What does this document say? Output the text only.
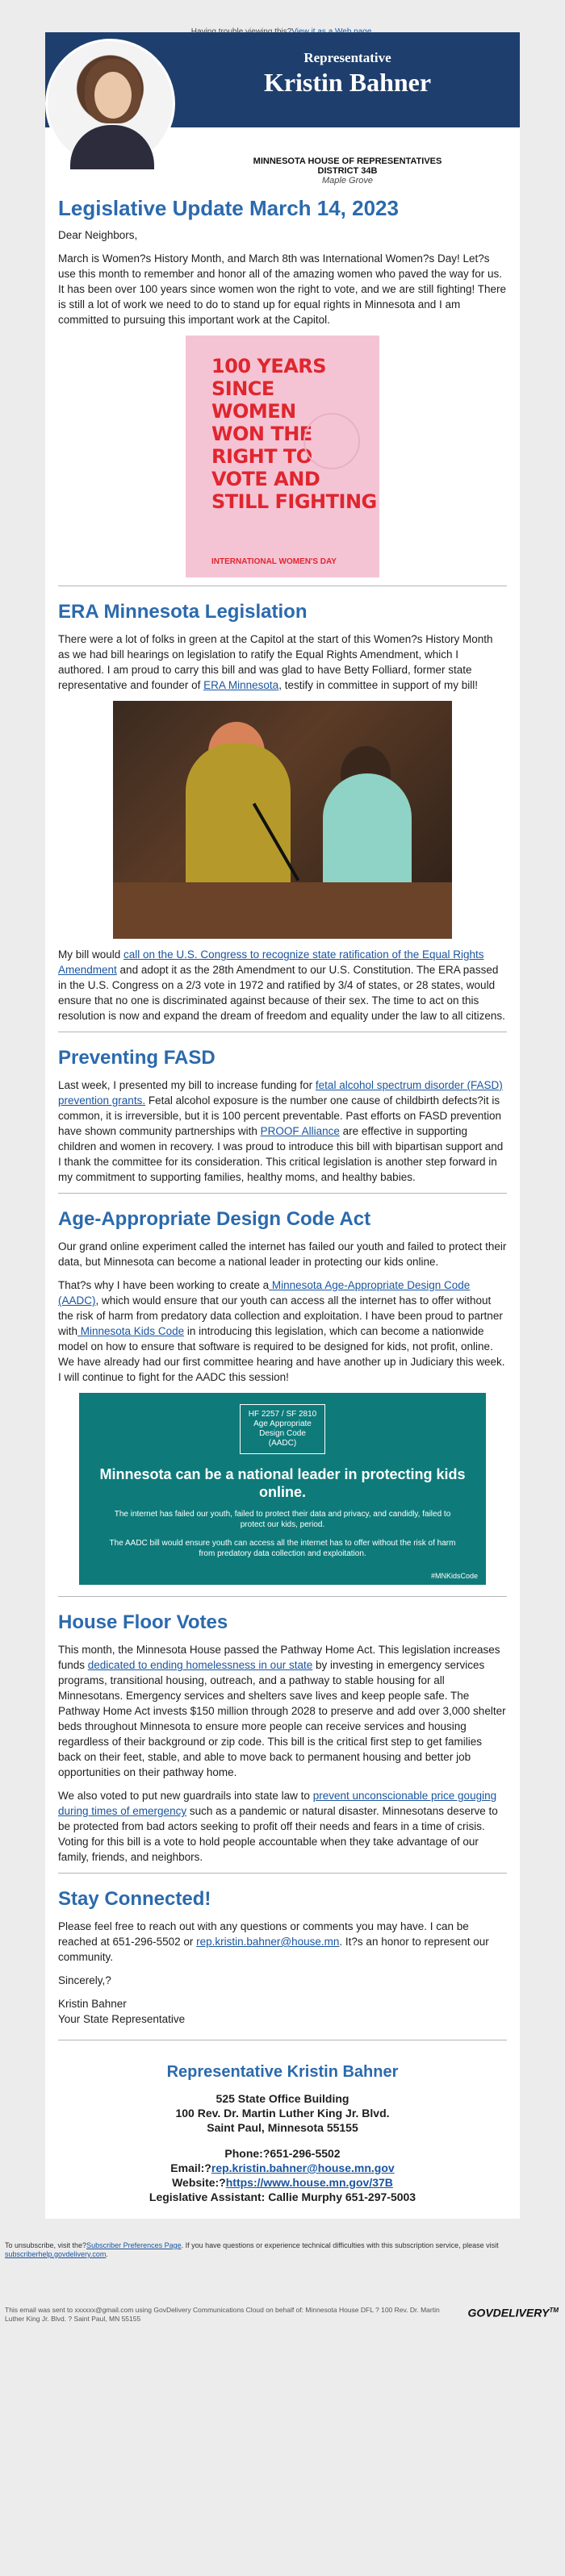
Representative
Kristin Bahner
MINNESOTA HOUSE OF REPRESENTATIVES
DISTRICT 34B
Maple Grove
Legislative Update March 14, 2023

Dear Neighbors,

March is Women?s History Month, and March 8th was International Women?s Day! Let?s use this month to remember and honor all of the amazing women who paved the way for us. It has been over 100 years since women won the right to vote, and we are still fighting! There is still a lot of work we need to do to stand up for equal rights in Minnesota and I am committed to pursuing this important work at the Capitol.

100 YEARS
SINCE
WOMEN
WON THE
RIGHT TO
VOTE AND
STILL FIGHTING
INTERNATIONAL WOMEN'S DAY
ERA Minnesota Legislation

There were a lot of folks in green at the Capitol at the start of this Women?s History Month as we had bill hearings on legislation to ratify the Equal Rights Amendment, which I authored. I am proud to carry this bill and was glad to have Betty Folliard, former state representative and founder of ERA Minnesota, testify in committee in support of my bill!

My bill would call on the U.S. Congress to recognize state ratification of the Equal Rights Amendment and adopt it as the 28th Amendment to our U.S. Constitution. The ERA passed in the U.S. Congress on a 2/3 vote in 1972 and ratified by 3/4 of states, or 28 states, would ensure that no one is discriminated against because of their sex. The time to act on this resolution is now and expand the dream of freedom and equality under the law to all citizens.

Preventing FASD

Last week, I presented my bill to increase funding for fetal alcohol spectrum disorder (FASD) prevention grants. Fetal alcohol exposure is the number one cause of childbirth defects?it is common, it is irreversible, but it is 100 percent preventable. Past efforts on FASD prevention have shown community partnerships with PROOF Alliance are effective in supporting children and women in recovery. I was proud to introduce this bill with bipartisan support and I thank the committee for its consideration. This critical legislation is another step forward in my commitment to supporting families, healthy moms, and healthy babies.

Age-Appropriate Design Code Act

Our grand online experiment called the internet has failed our youth and failed to protect their data, but Minnesota can become a national leader in protecting our kids online.

That?s why I have been working to create a Minnesota Age-Appropriate Design Code (AADC), which would ensure that our youth can access all the internet has to offer without the risk of harm from predatory data collection and exploitation. I have been proud to partner with Minnesota Kids Code in introducing this legislation, which can become a nationwide model on how to ensure that software is required to be designed for kids, not profit, online. We have already had our first committee hearing and have another up in Judiciary this week. I will continue to fight for the AADC this session!

HF 2257 / SF 2810
Age Appropriate
Design Code
(AADC)
Minnesota can be a national leader in protecting kids online.
The internet has failed our youth, failed to protect their data and privacy, and candidly, failed to protect our kids, period.
The AADC bill would ensure youth can access all the internet has to offer without the risk of harm from predatory data collection and exploitation.
#MNKidsCode
House Floor Votes

This month, the Minnesota House passed the Pathway Home Act. This legislation increases funds dedicated to ending homelessness in our state by investing in emergency services programs, transitional housing, outreach, and a pathway to stable housing for all Minnesotans. Emergency services and shelters save lives and keep people safe. The Pathway Home Act invests $150 million through 2028 to preserve and add over 3,000 shelter beds throughout Minnesota to ensure more people can receive services and housing regardless of their background or zip code. This bill is the critical first step to get families back on their feet, stable, and able to move back to permanent housing and better job opportunities on their pathway home.

We also voted to put new guardrails into state law to prevent unconscionable price gouging during times of emergency such as a pandemic or natural disaster. Minnesotans deserve to be protected from bad actors seeking to profit off their needs and fears in a time of crisis. Voting for this bill is a vote to hold people accountable when they take advantage of our family, friends, and neighbors.

Stay Connected!

Please feel free to reach out with any questions or comments you may have. I can be reached at 651-296-5502 or rep.kristin.bahner@house.mn. It?s an honor to represent our community.

Sincerely,?

Kristin Bahner
Your State Representative

Representative Kristin Bahner
525 State Office Building
100 Rev. Dr. Martin Luther King Jr. Blvd.
Saint Paul, Minnesota 55155
Phone:?651-296-5502
Email:?rep.kristin.bahner@house.mn.gov
Website:?https://www.house.mn.gov/37B
Legislative Assistant: Callie Murphy 651-297-5003
To unsubscribe, visit the?Subscriber Preferences Page. If you have questions or experience technical difficulties with this subscription service, please visit subscriberhelp.govdelivery.com.
This email was sent to xxxxxx@gmail.com using GovDelivery Communications Cloud on behalf of: Minnesota House DFL ? 100 Rev. Dr. Martin Luther King Jr. Blvd. ? Saint Paul, MN 55155	GOVDELIVERY™
